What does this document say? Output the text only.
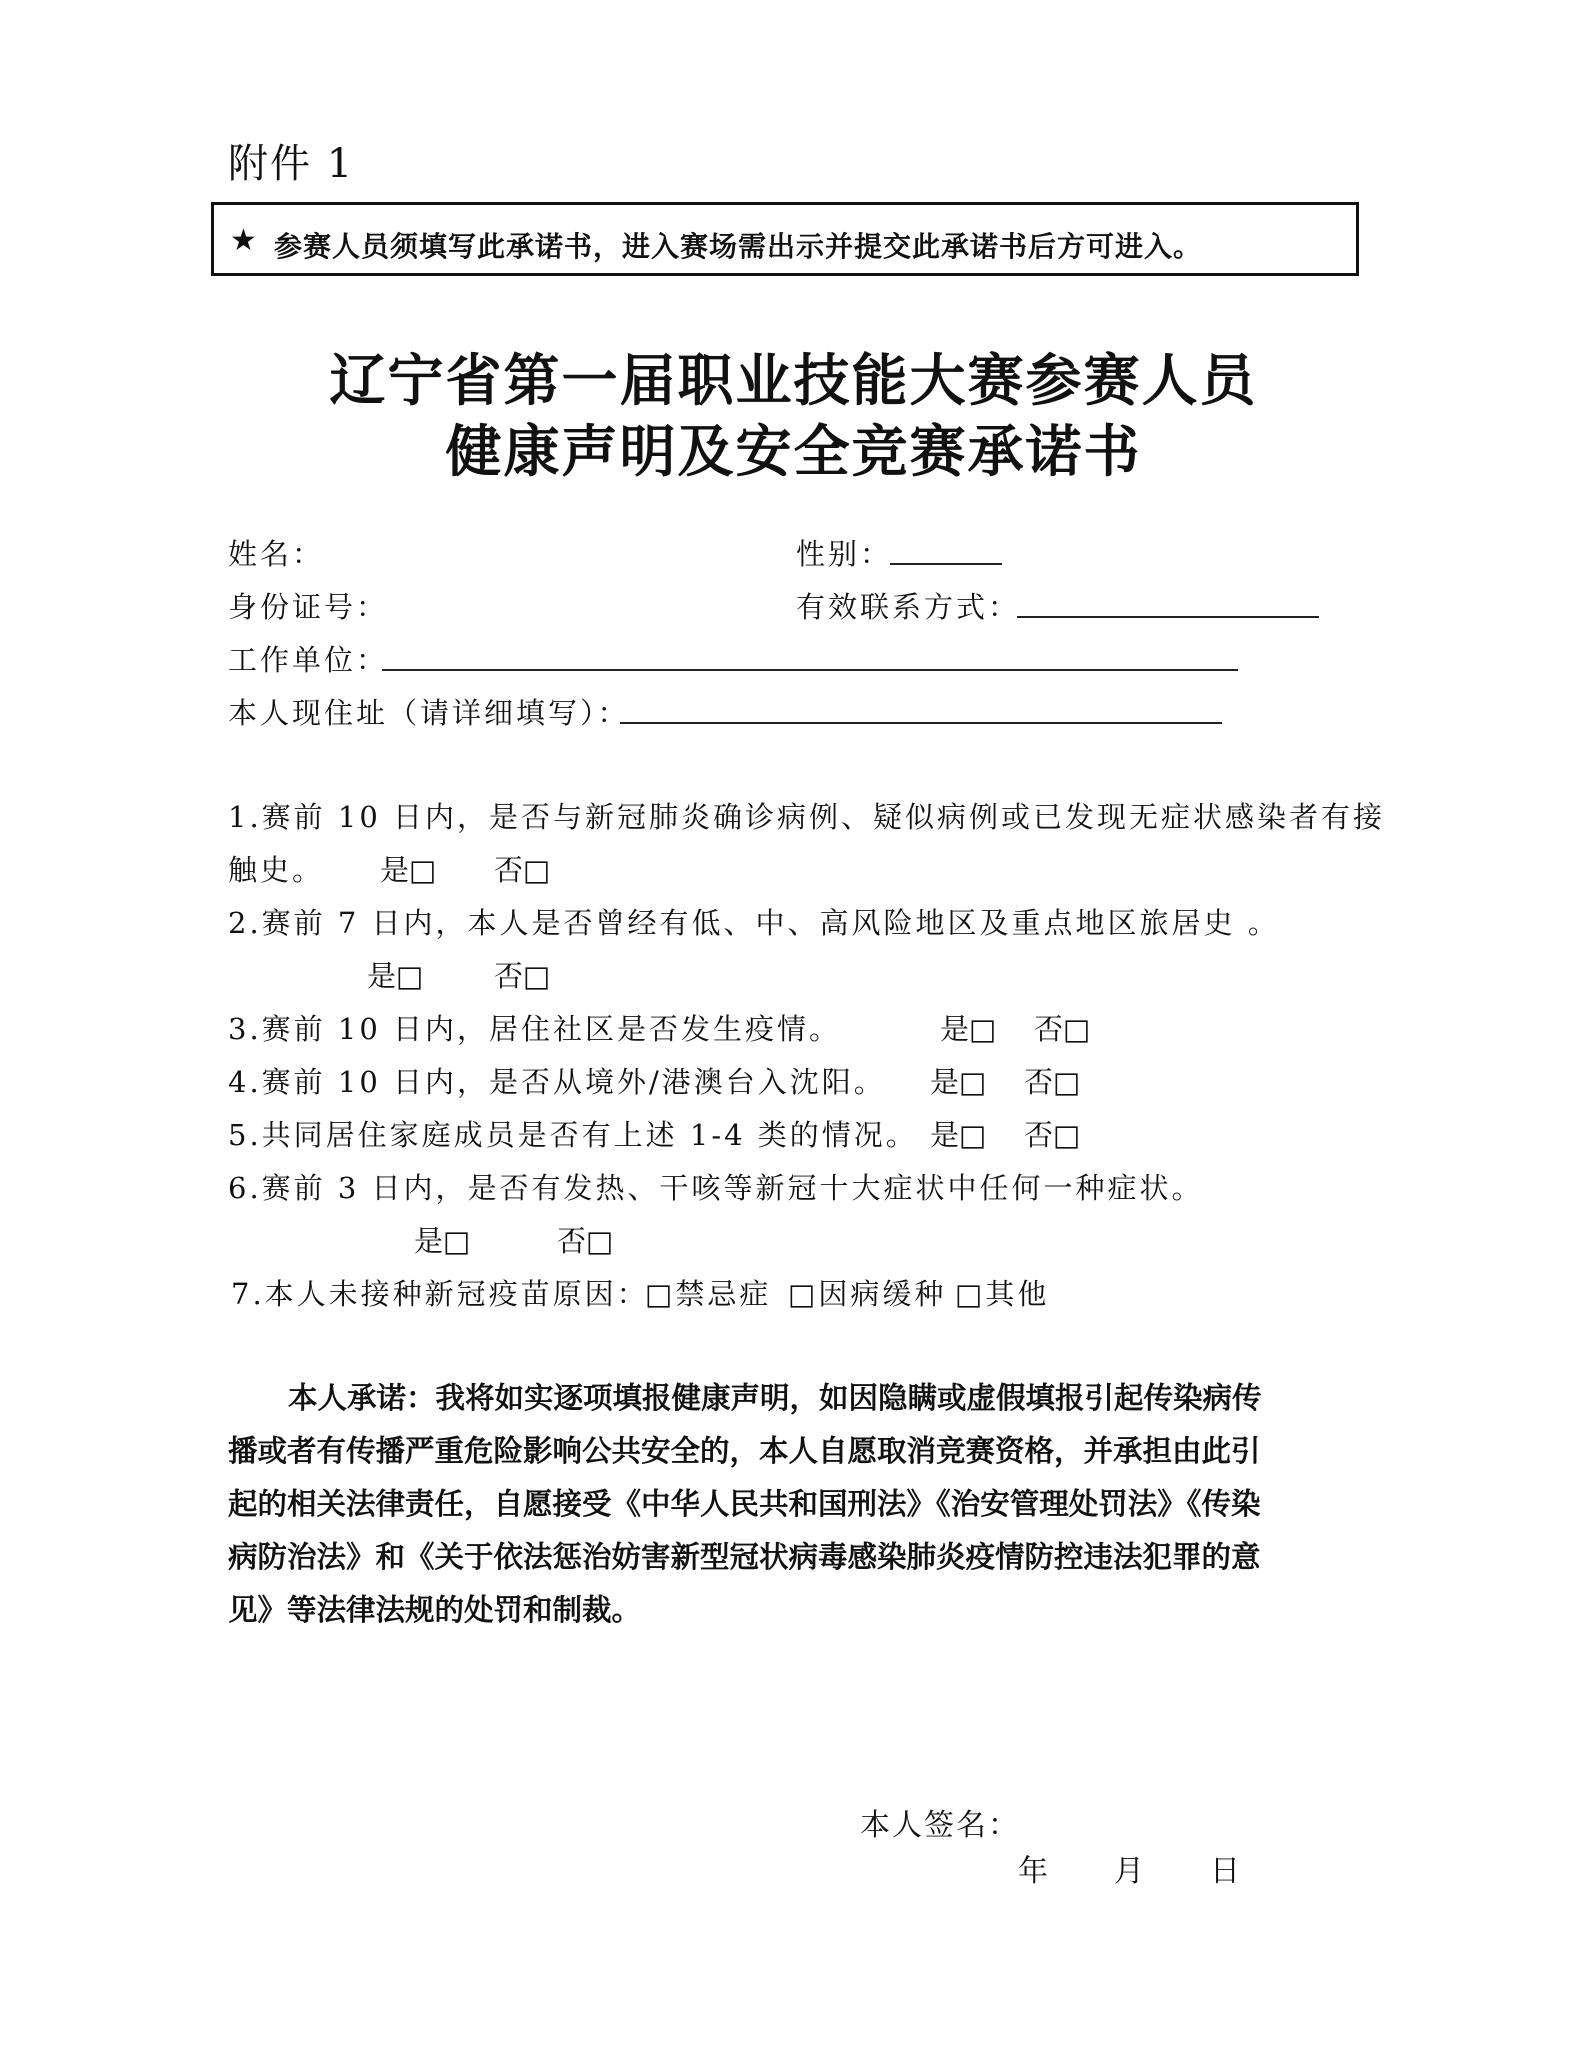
附件 1
★ 参赛人员须填写此承诺书，进入赛场需出示并提交此承诺书后方可进入。
辽宁省第一届职业技能大赛参赛人员
健康声明及安全竞赛承诺书
姓名：	性别：
身份证号：	有效联系方式：
工作单位：
本人现住址（请详细填写）：
1.赛前 10 日内，是否与新冠肺炎确诊病例、疑似病例或已发现无症状感染者有接
触史。 是□ 否□
2.赛前 7 日内，本人是否曾经有低、中、高风险地区及重点地区旅居史 。
是□ 否□
3.赛前 10 日内，居住社区是否发生疫情。	是□ 否□
4.赛前 10 日内，是否从境外/港澳台入沈阳。 是□ 否□
5.共同居住家庭成员是否有上述 1-4 类的情况。 是□ 否□
6.赛前 3 日内，是否有发热、干咳等新冠十大症状中任何一种症状。
是□	否□
7.本人未接种新冠疫苗原因：
□禁忌症 □因病缓种 □其他
本人承诺：我将如实逐项填报健康声明，如因隐瞒或虚假填报引起传染病传
播或者有传播严重危险影响公共安全的，本人自愿取消竞赛资格，并承担由此引
起的相关法律责任，自愿接受《中华人民共和国刑法》《治安管理处罚法》《传染
病防治法》和《关于依法惩治妨害新型冠状病毒感染肺炎疫情防控违法犯罪的意
见》等法律法规的处罚和制裁。
本人签名：
年 月 日
